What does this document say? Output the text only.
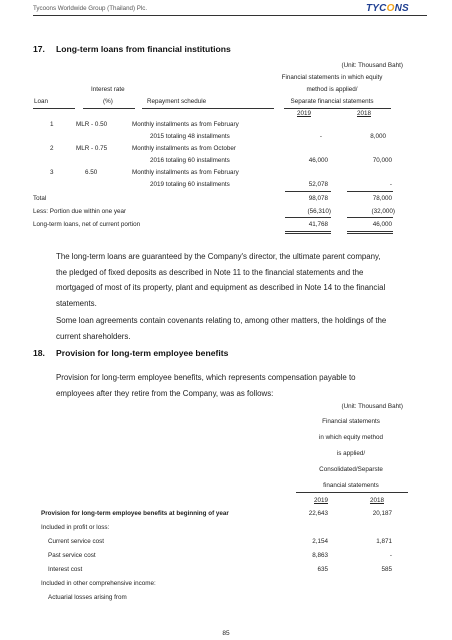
Tycoons Worldwide Group (Thailand) Plc.	TYCONS
17. Long-term loans from financial institutions
(Unit: Thousand Baht)
Financial statements in which equity
method is applied/
Separate financial statements
Interest rate
Loan	(%)	Repayment schedule
2019	2018
1	MLR - 0.50	Monthly installments as from February
2015 totaling 48 installments	-	8,000
2	MLR - 0.75	Monthly installments as from October
2016 totaling 60 installments	46,000	70,000
3	6.50	Monthly installments as from February
2019 totaling 60 installments	52,078	-
Total	98,078	78,000
Less: Portion due within one year	(56,310)	(32,000)
Long-term loans, net of current portion	41,768	46,000
The long-term loans are guaranteed by the Company's director, the ultimate parent company,
the pledged of fixed deposits as described in Note 11 to the financial statements and the
mortgaged of most of its property, plant and equipment as described in Note 14 to the financial
statements.
Some loan agreements contain covenants relating to, among other matters, the holdings of the
current shareholders.
18. Provision for long-term employee benefits
Provision for long-term employee benefits, which represents compensation payable to
employees after they retire from the Company, was as follows:
(Unit: Thousand Baht)
Financial statements
in which equity method
is applied/
Consolidated/Separste
financial statements
2019	2018
Provision for long-term employee benefits at beginning of year	22,643	20,187
Included in profit or loss:
Current service cost	2,154	1,871
Past service cost	8,863	-
Interest cost	635	585
Included in other comprehensive income:
Actuarial losses arising from
85
